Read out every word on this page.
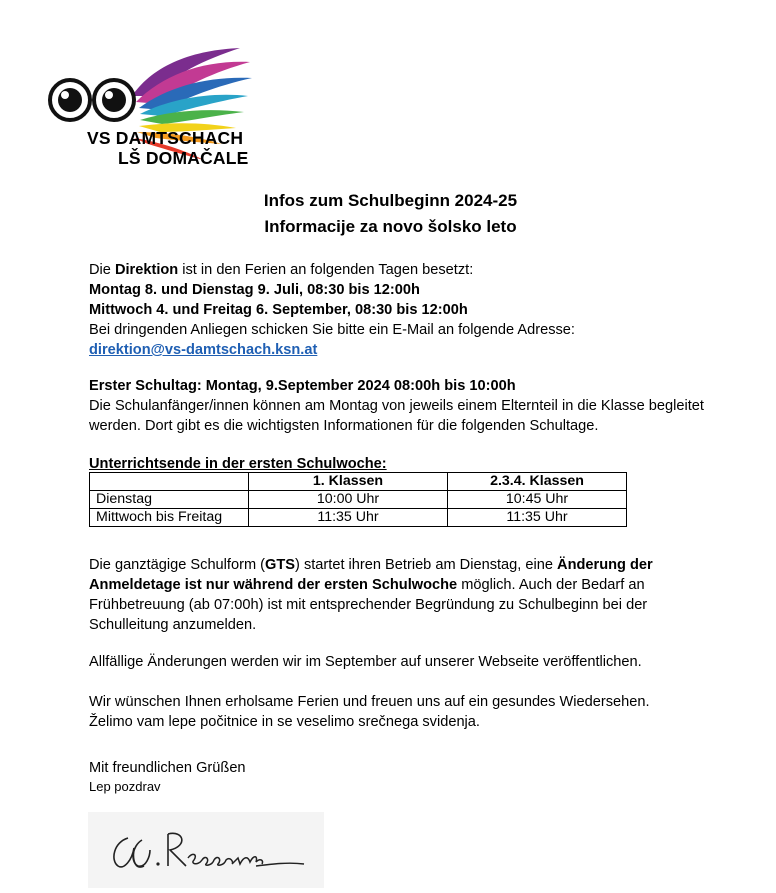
VS DAMTSCHACH
LŠ DOMAČALE
Infos zum Schulbeginn 2024-25
Informacije za novo šolsko leto
Die Direktion ist in den Ferien an folgenden Tagen besetzt:
Montag 8. und Dienstag 9. Juli, 08:30 bis 12:00h
Mittwoch 4. und Freitag 6. September, 08:30 bis 12:00h
Bei dringenden Anliegen schicken Sie bitte ein E-Mail an folgende Adresse:
direktion@vs-damtschach.ksn.at
Erster Schultag: Montag, 9.September 2024 08:00h bis 10:00h
Die Schulanfänger/innen können am Montag von jeweils einem Elternteil in die Klasse begleitet werden. Dort gibt es die wichtigsten Informationen für die folgenden Schultage.
Unterrichtsende in der ersten Schulwoche:
	1. Klassen	2.3.4. Klassen
Dienstag	10:00 Uhr	10:45 Uhr
Mittwoch bis Freitag	11:35 Uhr	11:35 Uhr
Die ganztägige Schulform (GTS) startet ihren Betrieb am Dienstag, eine Änderung der Anmeldetage ist nur während der ersten Schulwoche möglich. Auch der Bedarf an Frühbetreuung (ab 07:00h) ist mit entsprechender Begründung zu Schulbeginn bei der Schulleitung anzumelden.
Allfällige Änderungen werden wir im September auf unserer Webseite veröffentlichen.
Wir wünschen Ihnen erholsame Ferien und freuen uns auf ein gesundes Wiedersehen.
Želimo vam lepe počitnice in se veselimo srečnega svidenja.
Mit freundlichen Grüßen
Lep pozdrav
